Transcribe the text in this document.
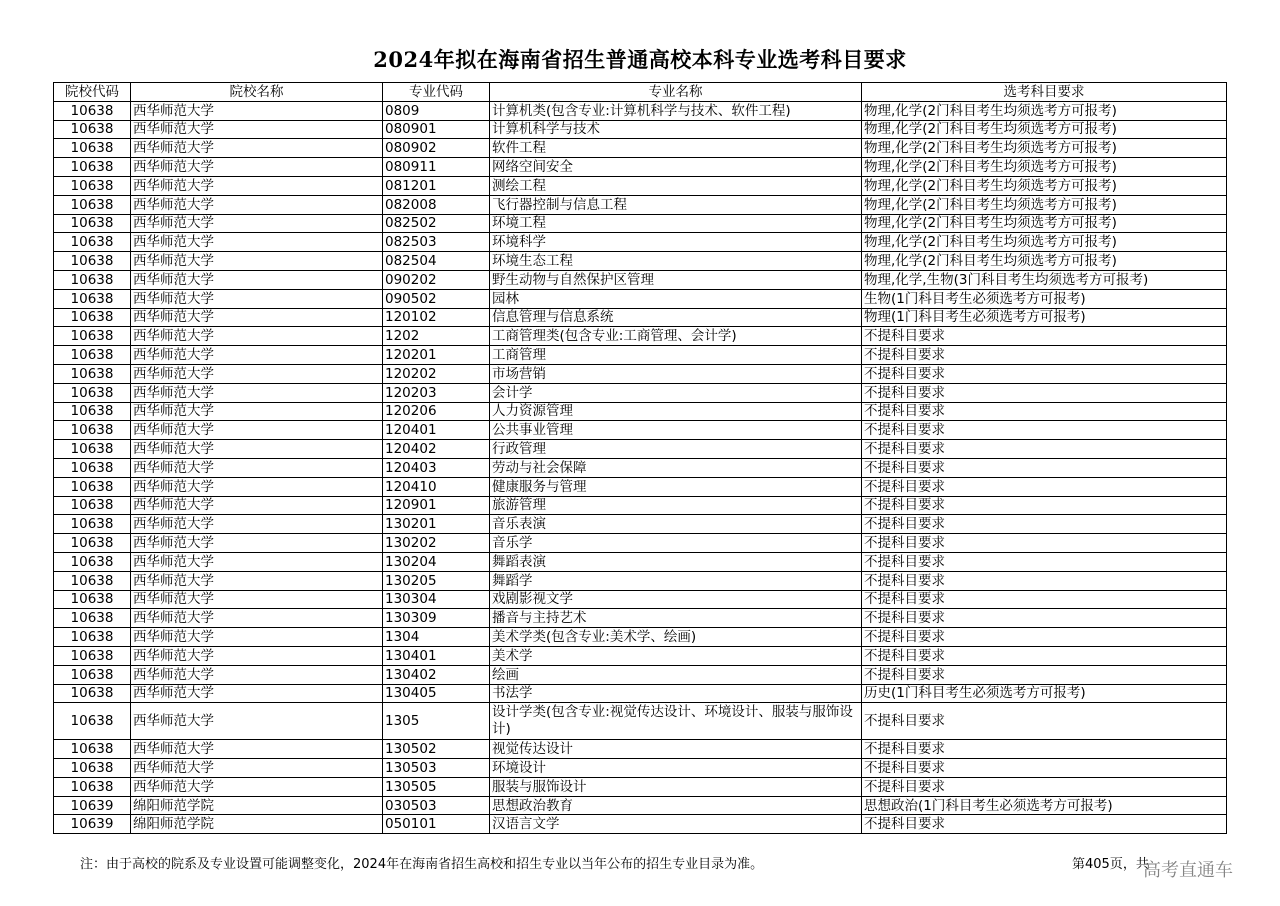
2024年拟在海南省招生普通高校本科专业选考科目要求
院校代码	院校名称	专业代码	专业名称	选考科目要求
10638	西华师范大学	0809	计算机类(包含专业:计算机科学与技术、软件工程)	物理,化学(2门科目考生均须选考方可报考)
10638	西华师范大学	080901	计算机科学与技术	物理,化学(2门科目考生均须选考方可报考)
10638	西华师范大学	080902	软件工程	物理,化学(2门科目考生均须选考方可报考)
10638	西华师范大学	080911	网络空间安全	物理,化学(2门科目考生均须选考方可报考)
10638	西华师范大学	081201	测绘工程	物理,化学(2门科目考生均须选考方可报考)
10638	西华师范大学	082008	飞行器控制与信息工程	物理,化学(2门科目考生均须选考方可报考)
10638	西华师范大学	082502	环境工程	物理,化学(2门科目考生均须选考方可报考)
10638	西华师范大学	082503	环境科学	物理,化学(2门科目考生均须选考方可报考)
10638	西华师范大学	082504	环境生态工程	物理,化学(2门科目考生均须选考方可报考)
10638	西华师范大学	090202	野生动物与自然保护区管理	物理,化学,生物(3门科目考生均须选考方可报考)
10638	西华师范大学	090502	园林	生物(1门科目考生必须选考方可报考)
10638	西华师范大学	120102	信息管理与信息系统	物理(1门科目考生必须选考方可报考)
10638	西华师范大学	1202	工商管理类(包含专业:工商管理、会计学)	不提科目要求
10638	西华师范大学	120201	工商管理	不提科目要求
10638	西华师范大学	120202	市场营销	不提科目要求
10638	西华师范大学	120203	会计学	不提科目要求
10638	西华师范大学	120206	人力资源管理	不提科目要求
10638	西华师范大学	120401	公共事业管理	不提科目要求
10638	西华师范大学	120402	行政管理	不提科目要求
10638	西华师范大学	120403	劳动与社会保障	不提科目要求
10638	西华师范大学	120410	健康服务与管理	不提科目要求
10638	西华师范大学	120901	旅游管理	不提科目要求
10638	西华师范大学	130201	音乐表演	不提科目要求
10638	西华师范大学	130202	音乐学	不提科目要求
10638	西华师范大学	130204	舞蹈表演	不提科目要求
10638	西华师范大学	130205	舞蹈学	不提科目要求
10638	西华师范大学	130304	戏剧影视文学	不提科目要求
10638	西华师范大学	130309	播音与主持艺术	不提科目要求
10638	西华师范大学	1304	美术学类(包含专业:美术学、绘画)	不提科目要求
10638	西华师范大学	130401	美术学	不提科目要求
10638	西华师范大学	130402	绘画	不提科目要求
10638	西华师范大学	130405	书法学	历史(1门科目考生必须选考方可报考)
10638	西华师范大学	1305	设计学类(包含专业:视觉传达设计、环境设计、服装与服饰设计)	不提科目要求
10638	西华师范大学	130502	视觉传达设计	不提科目要求
10638	西华师范大学	130503	环境设计	不提科目要求
10638	西华师范大学	130505	服装与服饰设计	不提科目要求
10639	绵阳师范学院	030503	思想政治教育	思想政治(1门科目考生必须选考方可报考)
10639	绵阳师范学院	050101	汉语言文学	不提科目要求
注：由于高校的院系及专业设置可能调整变化，2024年在海南省招生高校和招生专业以当年公布的招生专业目录为准。	第405页，共
高考直通车
